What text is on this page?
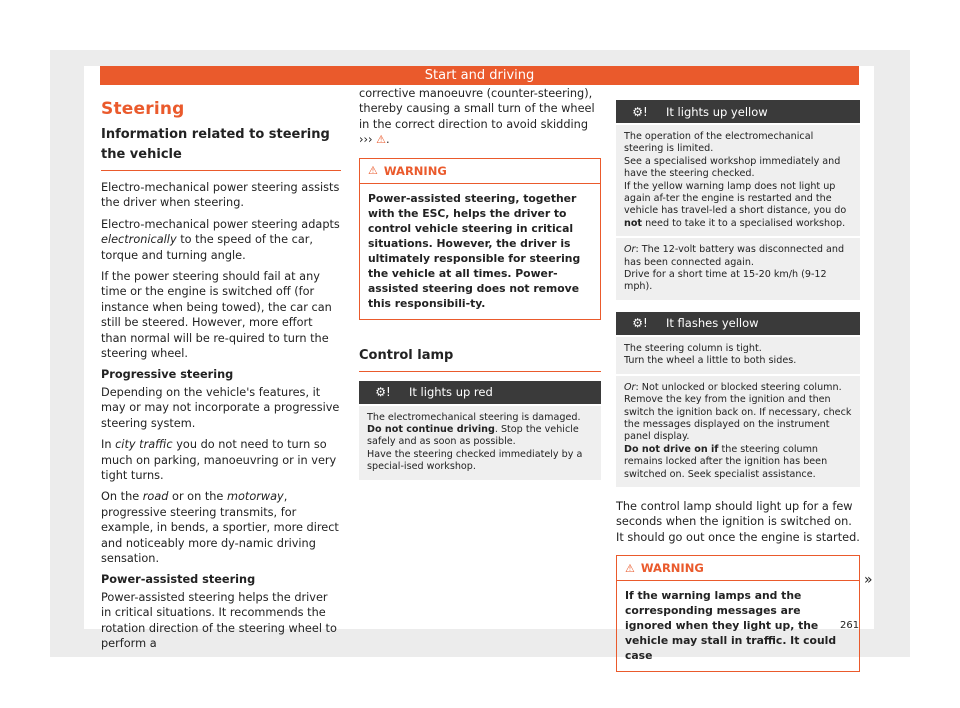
Start and driving
Steering
Information related to steering the vehicle

Electro-mechanical power steering assists the driver when steering.

Electro-mechanical power steering adapts electronically to the speed of the car, torque and turning angle.

If the power steering should fail at any time or the engine is switched off (for instance when being towed), the car can still be steered. However, more effort than normal will be re-quired to turn the steering wheel.

Progressive steering

Depending on the vehicle's features, it may or may not incorporate a progressive steering system.

In city traffic you do not need to turn so much on parking, manoeuvring or in very tight turns.

On the road or on the motorway, progressive steering transmits, for example, in bends, a sportier, more direct and noticeably more dy-namic driving sensation.

Power-assisted steering

Power-assisted steering helps the driver in critical situations. It recommends the rotation direction of the steering wheel to perform a

corrective manoeuvre (counter-steering), thereby causing a small turn of the wheel in the correct direction to avoid skidding ››› ⚠.

⚠ WARNING
Power-assisted steering, together with the ESC, helps the driver to control vehicle steering in critical situations. However, the driver is ultimately responsible for steering the vehicle at all times. Power-assisted steering does not remove this responsibili-ty.
Control lamp
⚙!	It lights up red
The electromechanical steering is damaged.
Do not continue driving. Stop the vehicle safely and as soon as possible.
Have the steering checked immediately by a special-ised workshop.
⚙!	It lights up yellow
The operation of the electromechanical steering is limited.
See a specialised workshop immediately and have the steering checked.
If the yellow warning lamp does not light up again af-ter the engine is restarted and the vehicle has travel-led a short distance, you do not need to take it to a specialised workshop.
Or: The 12-volt battery was disconnected and has been connected again.
Drive for a short time at 15-20 km/h (9-12 mph).
⚙!	It flashes yellow
The steering column is tight.
Turn the wheel a little to both sides.
Or: Not unlocked or blocked steering column.
Remove the key from the ignition and then switch the ignition back on. If necessary, check the messages displayed on the instrument panel display.
Do not drive on if the steering column remains locked after the ignition has been switched on. Seek specialist assistance.

The control lamp should light up for a few seconds when the ignition is switched on. It should go out once the engine is started.

⚠ WARNING
If the warning lamps and the corresponding messages are ignored when they light up, the vehicle may stall in traffic. It could case
»
261
